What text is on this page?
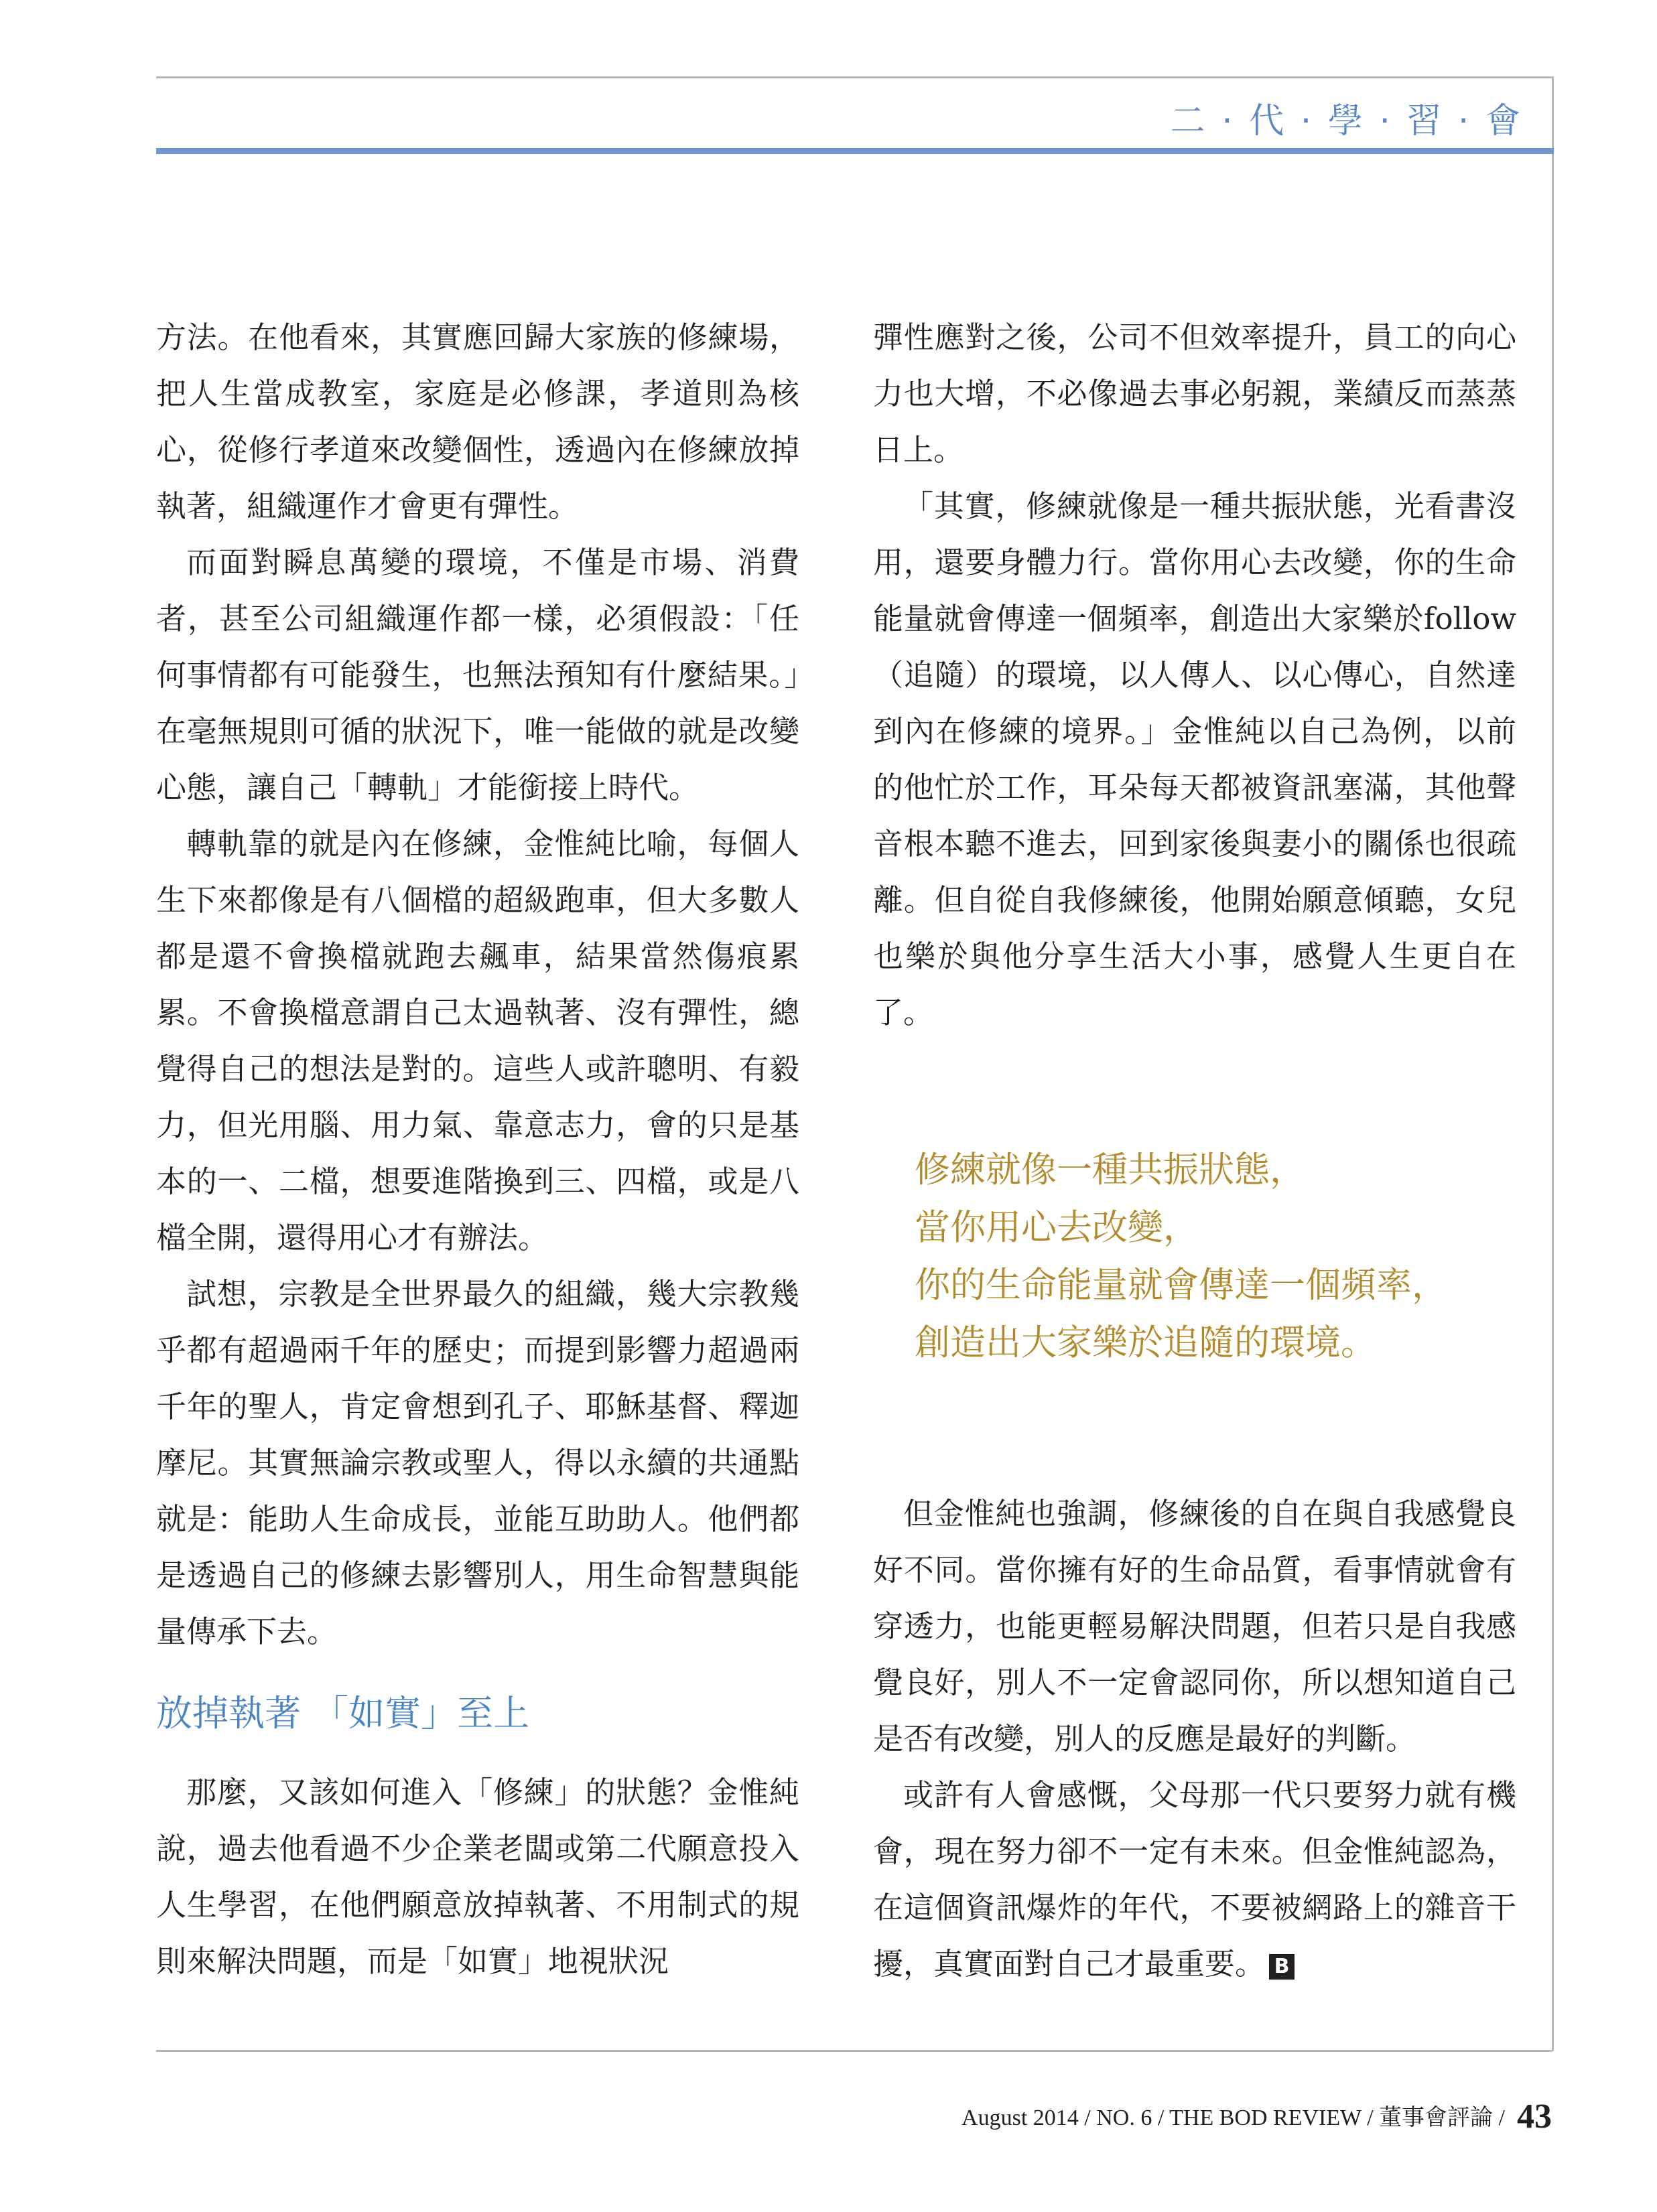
二 · 代 · 學 · 習 · 會

方法。在他看來，其實應回歸大家族的修練場，把人生當成教室，家庭是必修課，孝道則為核心，從修行孝道來改變個性，透過內在修練放掉執著，組織運作才會更有彈性。

而面對瞬息萬變的環境，不僅是市場、消費者，甚至公司組織運作都一樣，必須假設：「任何事情都有可能發生，也無法預知有什麼結果。」在毫無規則可循的狀況下，唯一能做的就是改變心態，讓自己「轉軌」才能銜接上時代。

轉軌靠的就是內在修練，金惟純比喻，每個人生下來都像是有八個檔的超級跑車，但大多數人都是還不會換檔就跑去飆車，結果當然傷痕累累。不會換檔意謂自己太過執著、沒有彈性，總覺得自己的想法是對的。這些人或許聰明、有毅力，但光用腦、用力氣、靠意志力，會的只是基本的一、二檔，想要進階換到三、四檔，或是八檔全開，還得用心才有辦法。

試想，宗教是全世界最久的組織，幾大宗教幾乎都有超過兩千年的歷史；而提到影響力超過兩千年的聖人，肯定會想到孔子、耶穌基督、釋迦摩尼。其實無論宗教或聖人，得以永續的共通點就是：能助人生命成長，並能互助助人。他們都是透過自己的修練去影響別人，用生命智慧與能量傳承下去。

放掉執著 「如實」至上

那麼，又該如何進入「修練」的狀態？金惟純說，過去他看過不少企業老闆或第二代願意投入人生學習，在他們願意放掉執著、不用制式的規則來解決問題，而是「如實」地視狀況

彈性應對之後，公司不但效率提升，員工的向心力也大增，不必像過去事必躬親，業績反而蒸蒸日上。

「其實，修練就像是一種共振狀態，光看書沒用，還要身體力行。當你用心去改變，你的生命能量就會傳達一個頻率，創造出大家樂於follow（追隨）的環境，以人傳人、以心傳心，自然達到內在修練的境界。」金惟純以自己為例，以前的他忙於工作，耳朵每天都被資訊塞滿，其他聲音根本聽不進去，回到家後與妻小的關係也很疏離。但自從自我修練後，他開始願意傾聽，女兒也樂於與他分享生活大小事，感覺人生更自在了。

修練就像一種共振狀態，
當你用心去改變，
你的生命能量就會傳達一個頻率，
創造出大家樂於追隨的環境。

但金惟純也強調，修練後的自在與自我感覺良好不同。當你擁有好的生命品質，看事情就會有穿透力，也能更輕易解決問題，但若只是自我感覺良好，別人不一定會認同你，所以想知道自己是否有改變，別人的反應是最好的判斷。

或許有人會感慨，父母那一代只要努力就有機會，現在努力卻不一定有未來。但金惟純認為，在這個資訊爆炸的年代，不要被網路上的雜音干擾，真實面對自己才最重要。 B

August 2014 / NO. 6 / THE BOD REVIEW / 董事會評論 / 43
